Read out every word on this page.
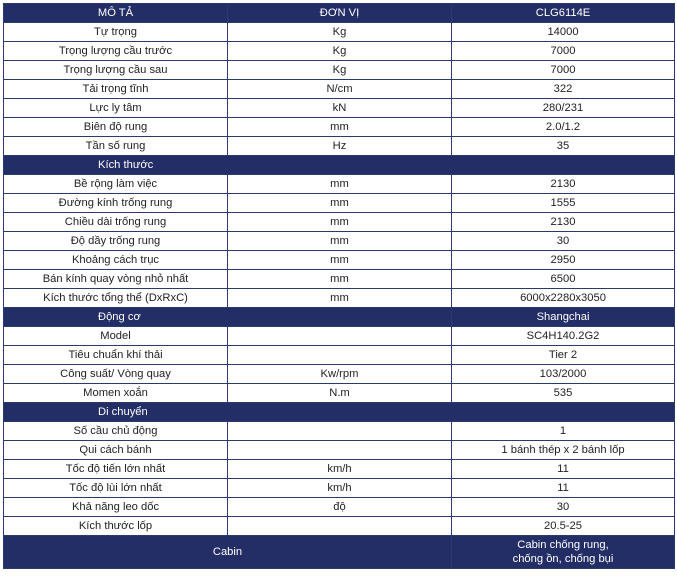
MÔ TẢ	ĐƠN VỊ	CLG6114E
Tự trọng	Kg	14000
Trọng lượng cầu trước	Kg	7000
Trọng lượng cầu sau	Kg	7000
Tải trọng tĩnh	N/cm	322
Lực ly tâm	kN	280/231
Biên độ rung	mm	2.0/1.2
Tần số rung	Hz	35
Kích thước		
Bề rộng làm việc	mm	2130
Đường kính trống rung	mm	1555
Chiều dài trống rung	mm	2130
Độ dầy trống rung	mm	30
Khoảng cách trục	mm	2950
Bán kính quay vòng nhỏ nhất	mm	6500
Kích thước tổng thể (DxRxC)	mm	6000x2280x3050
Động cơ		Shangchai
Model		SC4H140.2G2
Tiêu chuẩn khí thải		Tier 2
Công suất/ Vòng quay	Kw/rpm	103/2000
Momen xoắn	N.m	535
Di chuyển		
Số cầu chủ động		1
Qui cách bánh		1 bánh thép x 2 bánh lốp
Tốc độ tiến lớn nhất	km/h	11
Tốc độ lùi lớn nhất	km/h	11
Khả năng leo dốc	độ	30
Kích thước lốp		20.5-25
Cabin		Cabin chống rung,
chống ồn, chống bụi
